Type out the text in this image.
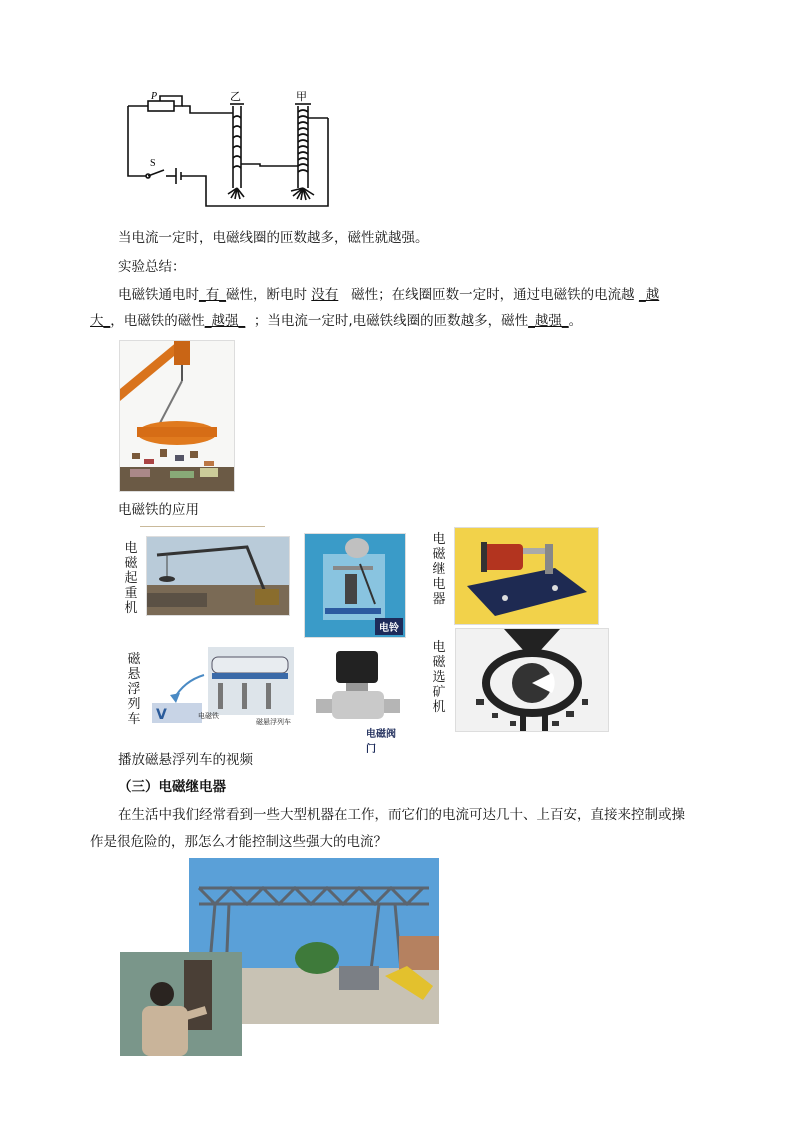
P
S
乙	甲
当电流一定时，电磁线圈的匝数越多，磁性就越强。
实验总结：
电磁铁通电时_有_磁性，断电时 没有 磁性；在线圈匝数一定时，通过电磁铁的电流越 _越
大_，电磁铁的磁性_越强_ ；当电流一定时,电磁铁线圈的匝数越多，磁性_越强_。
电磁铁的应用
电磁起重机
电铃
电磁继电器
磁悬浮列车 V	电磁铁
磁悬浮列车
电磁阀门
电磁选矿机
播放磁悬浮列车的视频
（三）电磁继电器
在生活中我们经常看到一些大型机器在工作，而它们的电流可达几十、上百安，直接来控制或操
作是很危险的，那怎么才能控制这些强大的电流？
